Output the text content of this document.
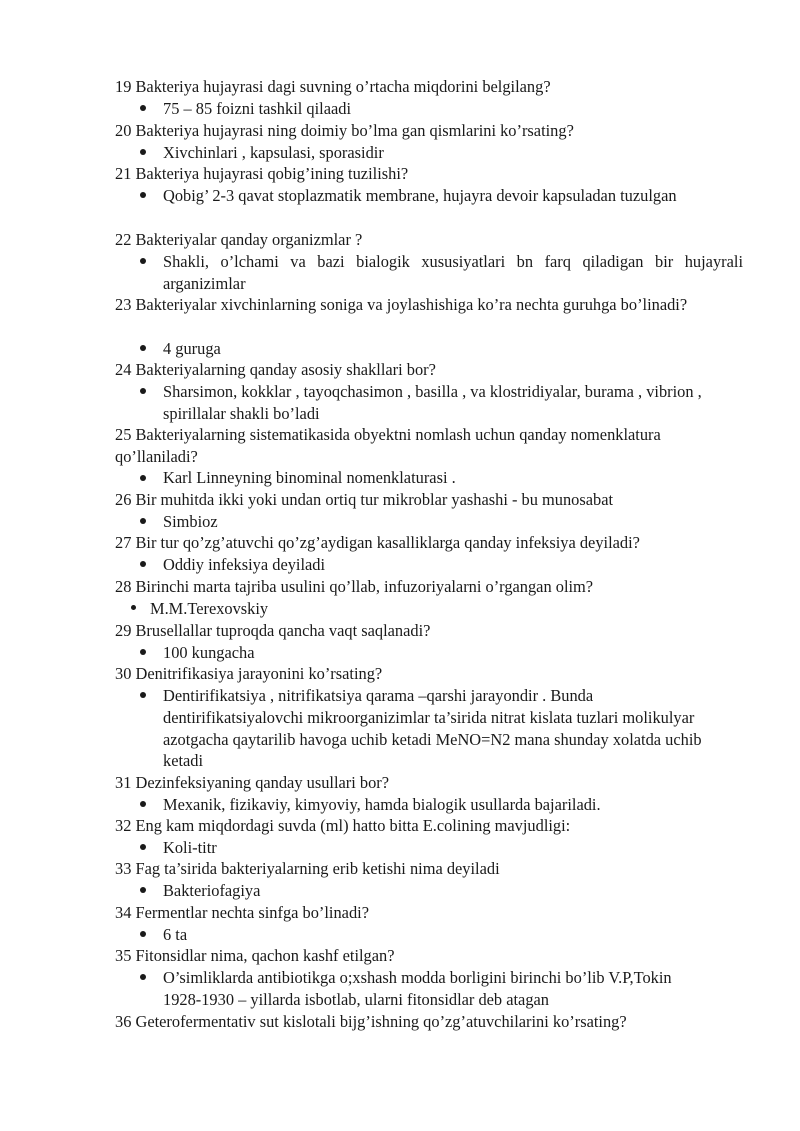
19 Bakteriya hujayrasi dagi suvning o’rtacha miqdorini belgilang?
75 – 85 foizni tashkil qilaadi
20 Bakteriya hujayrasi ning doimiy bo’lma gan qismlarini ko’rsating?
Xivchinlari , kapsulasi, sporasidir
21 Bakteriya hujayrasi qobig’ining tuzilishi?
Qobig’ 2-3 qavat stoplazmatik membrane, hujayra devoir kapsuladan tuzulgan
22 Bakteriyalar qanday organizmlar ?
Shakli, o’lchami va bazi bialogik xususiyatlari bn farq qiladigan bir hujayrali arganizimlar
23 Bakteriyalar xivchinlarning soniga va joylashishiga ko’ra nechta guruhga bo’linadi?
4 guruga
24 Bakteriyalarning qanday asosiy shakllari bor?
Sharsimon, kokklar , tayoqchasimon , basilla , va klostridiyalar, burama , vibrion , spirillalar shakli bo’ladi
25 Bakteriyalarning sistematikasida obyektni nomlash uchun qanday nomenklatura qo’llaniladi?
Karl Linneyning binominal nomenklaturasi .
26 Bir muhitda ikki yoki undan ortiq tur mikroblar yashashi - bu munosabat
Simbioz
27 Bir tur qo’zg’atuvchi qo’zg’aydigan kasalliklarga qanday infeksiya deyiladi?
Oddiy infeksiya deyiladi
28 Birinchi marta tajriba usulini qo’llab, infuzoriyalarni o’rgangan olim?
M.M.Terexovskiy
29 Brusellallar tuproqda qancha vaqt saqlanadi?
100 kungacha
30 Denitrifikasiya jarayonini ko’rsating?
Dentirifikatsiya , nitrifikatsiya qarama –qarshi jarayondir . Bunda dentirifikatsiyalovchi mikroorganizimlar ta’sirida nitrat kislata tuzlari molikulyar azotgacha qaytarilib havoga uchib ketadi MeNO=N2 mana shunday xolatda uchib ketadi
31 Dezinfeksiyaning qanday usullari bor?
Mexanik, fizikaviy, kimyoviy, hamda bialogik usullarda bajariladi.
32 Eng kam miqdordagi suvda (ml) hatto bitta E.colining mavjudligi:
Koli-titr
33 Fag ta’sirida bakteriyalarning erib ketishi nima deyiladi
Bakteriofagiya
34 Fermentlar nechta sinfga bo’linadi?
6 ta
35 Fitonsidlar nima, qachon kashf etilgan?
O’simliklarda antibiotikga o;xshash modda borligini birinchi bo’lib V.P,Tokin 1928-1930 – yillarda isbotlab, ularni fitonsidlar deb atagan
36 Geterofermentativ sut kislotali bijg’ishning qo’zg’atuvchilarini ko’rsating?
